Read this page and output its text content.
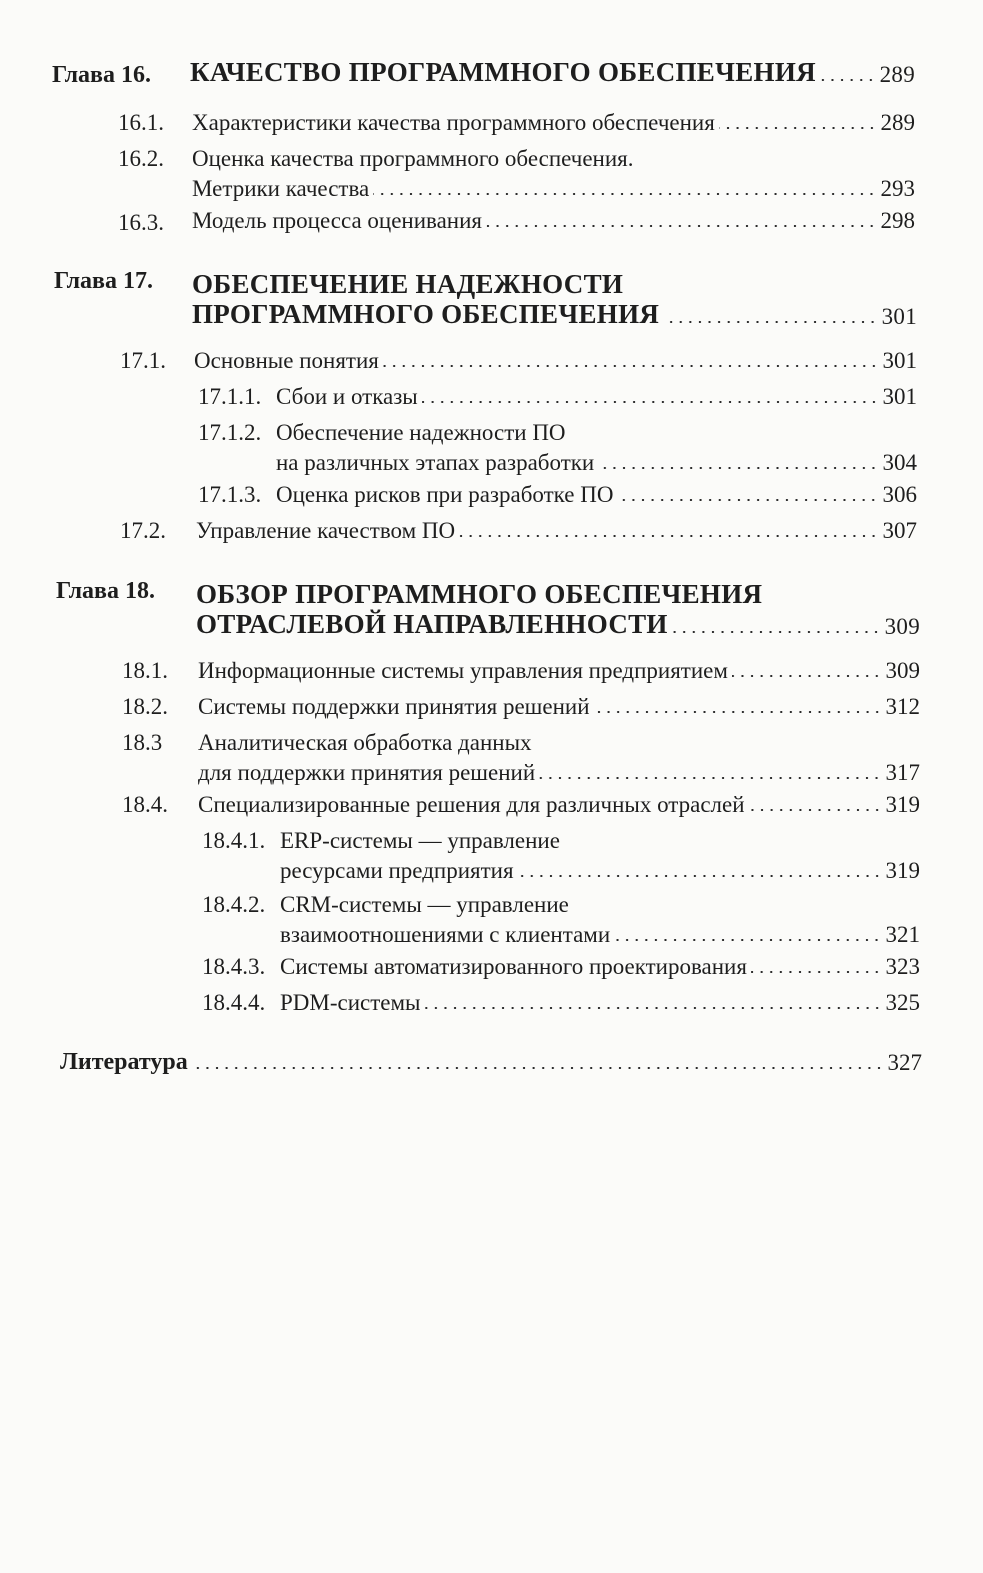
Глава 16. КАЧЕСТВО ПРОГРАММНОГО ОБЕСПЕЧЕНИЯ	289
16.1. Характеристики качества программного обеспечения	289
16.2. Оценка качества программного обеспечения.
Метрики качества	293
16.3. Модель процесса оценивания	298
Глава 17. ОБЕСПЕЧЕНИЕ НАДЕЖНОСТИ
ПРОГРАММНОГО ОБЕСПЕЧЕНИЯ	301
17.1. Основные понятия	301
17.1.1. Сбои и отказы	301
17.1.2. Обеспечение надежности ПО
на различных этапах разработки	304
17.1.3. Оценка рисков при разработке ПО	306
17.2. Управление качеством ПО	307
Глава 18. ОБЗОР ПРОГРАММНОГО ОБЕСПЕЧЕНИЯ
ОТРАСЛЕВОЙ НАПРАВЛЕННОСТИ	309
18.1. Информационные системы управления предприятием	309
18.2. Системы поддержки принятия решений	312
18.3 Аналитическая обработка данных
для поддержки принятия решений	317
18.4. Специализированные решения для различных отраслей	319
18.4.1. ERP-системы — управление
ресурсами предприятия	319
18.4.2. CRM-системы — управление
взаимоотношениями с клиентами	321
18.4.3. Системы автоматизированного проектирования	323
18.4.4. PDM-системы	325
Литература	327
